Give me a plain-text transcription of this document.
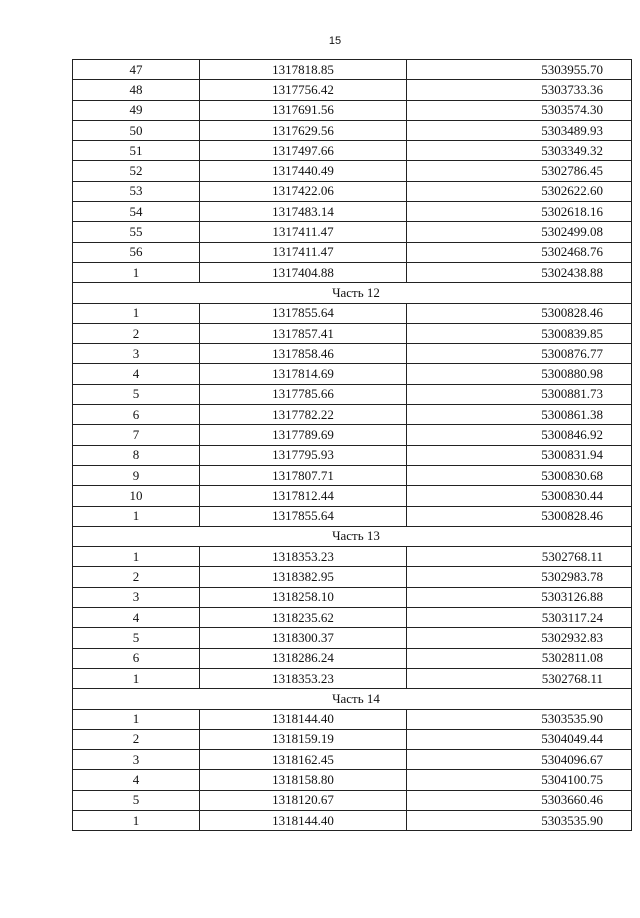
15
47	1317818.85	5303955.70
48	1317756.42	5303733.36
49	1317691.56	5303574.30
50	1317629.56	5303489.93
51	1317497.66	5303349.32
52	1317440.49	5302786.45
53	1317422.06	5302622.60
54	1317483.14	5302618.16
55	1317411.47	5302499.08
56	1317411.47	5302468.76
1	1317404.88	5302438.88
Часть 12		
1	1317855.64	5300828.46
2	1317857.41	5300839.85
3	1317858.46	5300876.77
4	1317814.69	5300880.98
5	1317785.66	5300881.73
6	1317782.22	5300861.38
7	1317789.69	5300846.92
8	1317795.93	5300831.94
9	1317807.71	5300830.68
10	1317812.44	5300830.44
1	1317855.64	5300828.46
Часть 13		
1	1318353.23	5302768.11
2	1318382.95	5302983.78
3	1318258.10	5303126.88
4	1318235.62	5303117.24
5	1318300.37	5302932.83
6	1318286.24	5302811.08
1	1318353.23	5302768.11
Часть 14		
1	1318144.40	5303535.90
2	1318159.19	5304049.44
3	1318162.45	5304096.67
4	1318158.80	5304100.75
5	1318120.67	5303660.46
1	1318144.40	5303535.90
